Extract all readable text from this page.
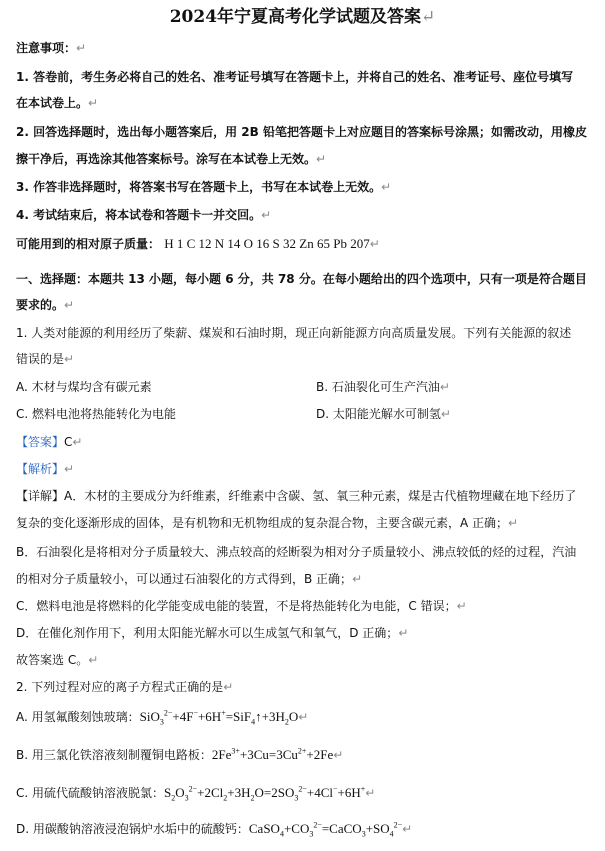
2024年宁夏高考化学试题及答案↵
注意事项：↵
1. 答卷前，考生务必将自己的姓名、准考证号填写在答题卡上，并将自己的姓名、准考证号、座位号填写
在本试卷上。↵
2. 回答选择题时，选出每小题答案后，用 2B 铅笔把答题卡上对应题目的答案标号涂黑；如需改动，用橡皮
擦干净后，再选涂其他答案标号。涂写在本试卷上无效。↵
3. 作答非选择题时，将答案书写在答题卡上，书写在本试卷上无效。↵
4. 考试结束后，将本试卷和答题卡一并交回。↵
可能用到的相对原子质量： H 1 C 12 N 14 O 16 S 32 Zn 65 Pb 207↵
一、选择题：本题共 13 小题，每小题 6 分，共 78 分。在每小题给出的四个选项中，只有一项是符合题目
要求的。↵
1. 人类对能源的利用经历了柴薪、煤炭和石油时期，现正向新能源方向高质量发展。下列有关能源的叙述
错误的是↵
A. 木材与煤均含有碳元素	B. 石油裂化可生产汽油↵
C. 燃料电池将热能转化为电能	D. 太阳能光解水可制氢↵
【答案】C↵
【解析】↵
【详解】A．木材的主要成分为纤维素，纤维素中含碳、氢、氧三种元素，煤是古代植物埋藏在地下经历了
复杂的变化逐渐形成的固体，是有机物和无机物组成的复杂混合物，主要含碳元素，A 正确；↵
B．石油裂化是将相对分子质量较大、沸点较高的烃断裂为相对分子质量较小、沸点较低的烃的过程，汽油
的相对分子质量较小，可以通过石油裂化的方式得到，B 正确；↵
C．燃料电池是将燃料的化学能变成电能的装置，不是将热能转化为电能，C 错误；↵
D．在催化剂作用下，利用太阳能光解水可以生成氢气和氧气，D 正确；↵
故答案选 C。↵
2. 下列过程对应的离子方程式正确的是↵
A. 用氢氟酸刻蚀玻璃：$SiO_3^{2-}+4F^-+6H^+=SiF_4↑+3H_2O↵$
B. 用三氯化铁溶液刻制覆铜电路板：$2Fe^{3+}+3Cu=3Cu^{2+}+2Fe↵$
C. 用硫代硫酸钠溶液脱氯：$S_2O_3^{2-}+2Cl_2+3H_2O=2SO_3^{2-}+4Cl^-+6H^+↵$
D. 用碳酸钠溶液浸泡锅炉水垢中的硫酸钙：$CaSO_4+CO_3^{2-}=CaCO_3+SO_4^{2-}↵$
